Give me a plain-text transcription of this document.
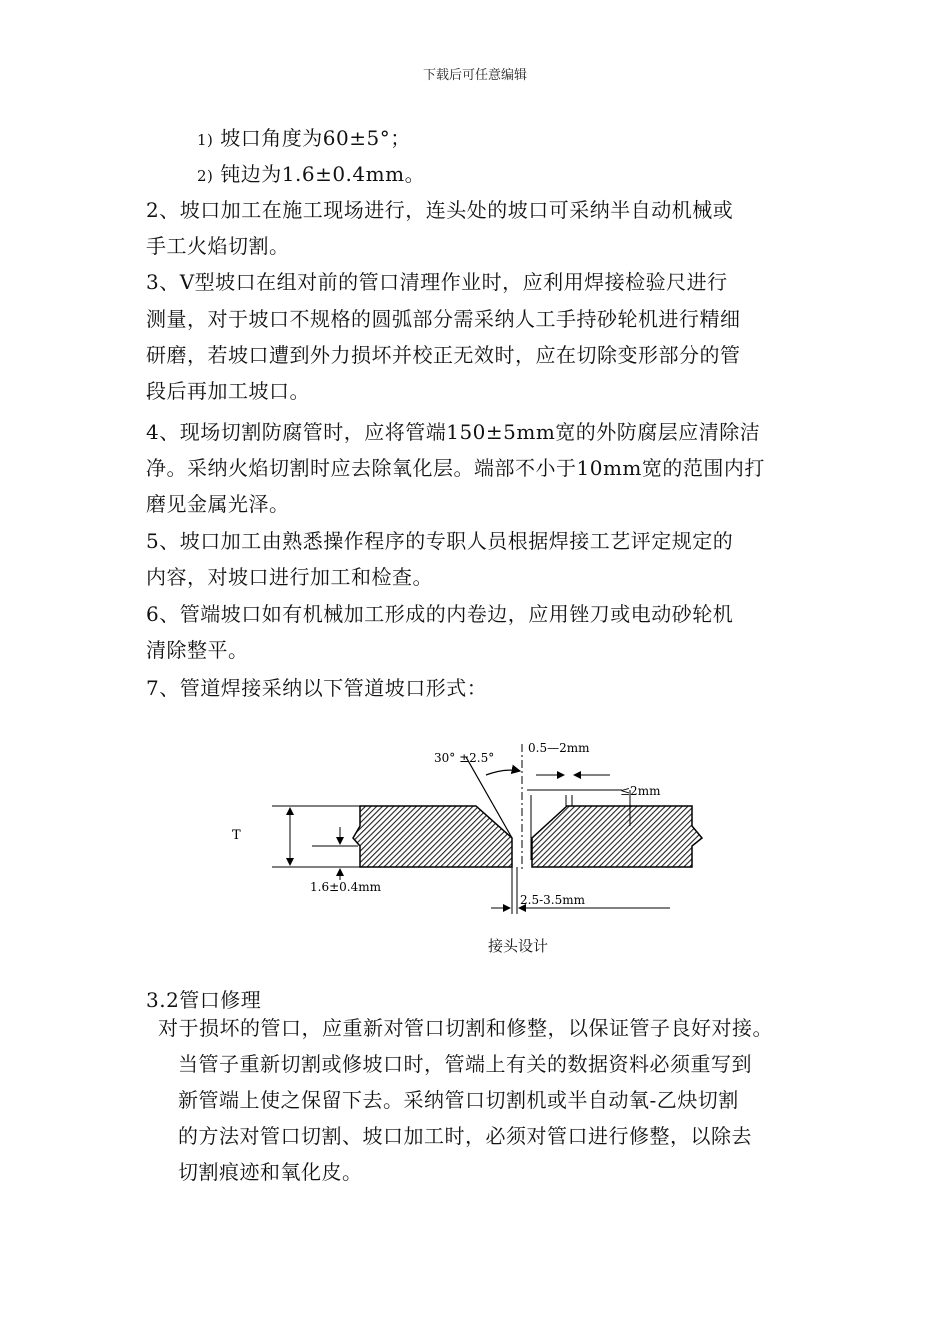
下载后可任意编辑
1) 坡口角度为60±5°；
2) 钝边为1.6±0.4mm。
2、坡口加工在施工现场进行，连头处的坡口可采纳半自动机械或
手工火焰切割。
3、V型坡口在组对前的管口清理作业时，应利用焊接检验尺进行
测量，对于坡口不规格的圆弧部分需采纳人工手持砂轮机进行精细
研磨，若坡口遭到外力损坏并校正无效时，应在切除变形部分的管
段后再加工坡口。
4、现场切割防腐管时，应将管端150±5mm宽的外防腐层应清除洁
净。采纳火焰切割时应去除氧化层。端部不小于10mm宽的范围内打
磨见金属光泽。
5、坡口加工由熟悉操作程序的专职人员根据焊接工艺评定规定的
内容，对坡口进行加工和检查。
6、管端坡口如有机械加工形成的内卷边，应用锉刀或电动砂轮机
清除整平。
7、管道焊接采纳以下管道坡口形式：
30° ±2.5°
0.5—2mm
≤2mm
T
1.6±0.4mm
2.5-3.5mm
接头设计
3.2管口修理
对于损坏的管口，应重新对管口切割和修整，以保证管子良好对接。
当管子重新切割或修坡口时，管端上有关的数据资料必须重写到
新管端上使之保留下去。采纳管口切割机或半自动氧-乙炔切割
的方法对管口切割、坡口加工时，必须对管口进行修整，以除去
切割痕迹和氧化皮。
